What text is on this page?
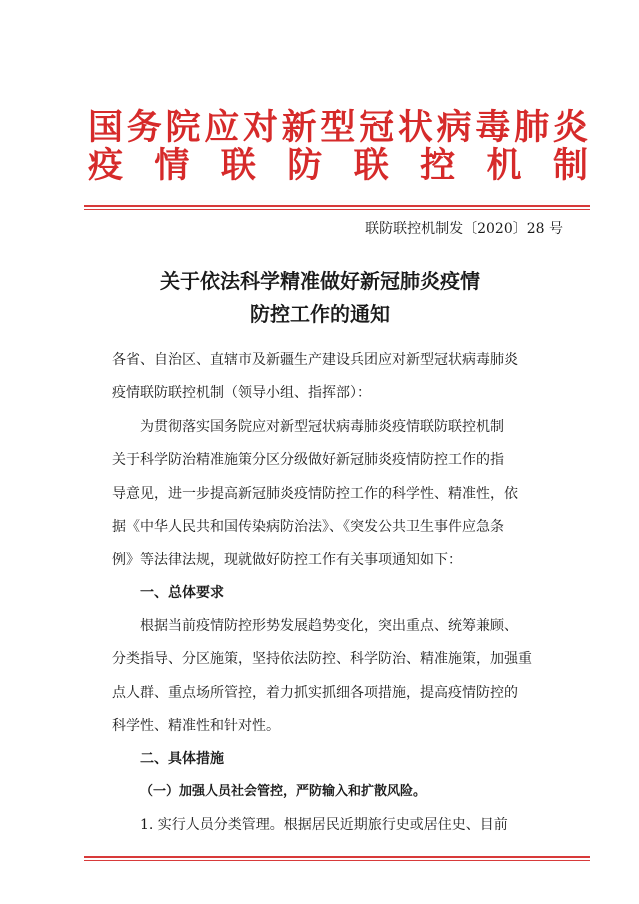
国 务 院 应 对 新 型 冠 状 病 毒 肺 炎
疫 情 联 防 联 控 机 制
联防联控机制发〔2020〕28 号
关于依法科学精准做好新冠肺炎疫情
防控工作的通知
各省、自治区、直辖市及新疆生产建设兵团应对新型冠状病毒肺炎
疫情联防联控机制（领导小组、指挥部）：
为贯彻落实国务院应对新型冠状病毒肺炎疫情联防联控机制
关于科学防治精准施策分区分级做好新冠肺炎疫情防控工作的指
导意见，进一步提高新冠肺炎疫情防控工作的科学性、精准性，依
据《中华人民共和国传染病防治法》、《突发公共卫生事件应急条
例》等法律法规，现就做好防控工作有关事项通知如下：
一、总体要求
根据当前疫情防控形势发展趋势变化，突出重点、统筹兼顾、
分类指导、分区施策，坚持依法防控、科学防治、精准施策，加强重
点人群、重点场所管控，着力抓实抓细各项措施，提高疫情防控的
科学性、精准性和针对性。
二、具体措施
（一）加强人员社会管控，严防输入和扩散风险。
1. 实行人员分类管理。根据居民近期旅行史或居住史、目前
